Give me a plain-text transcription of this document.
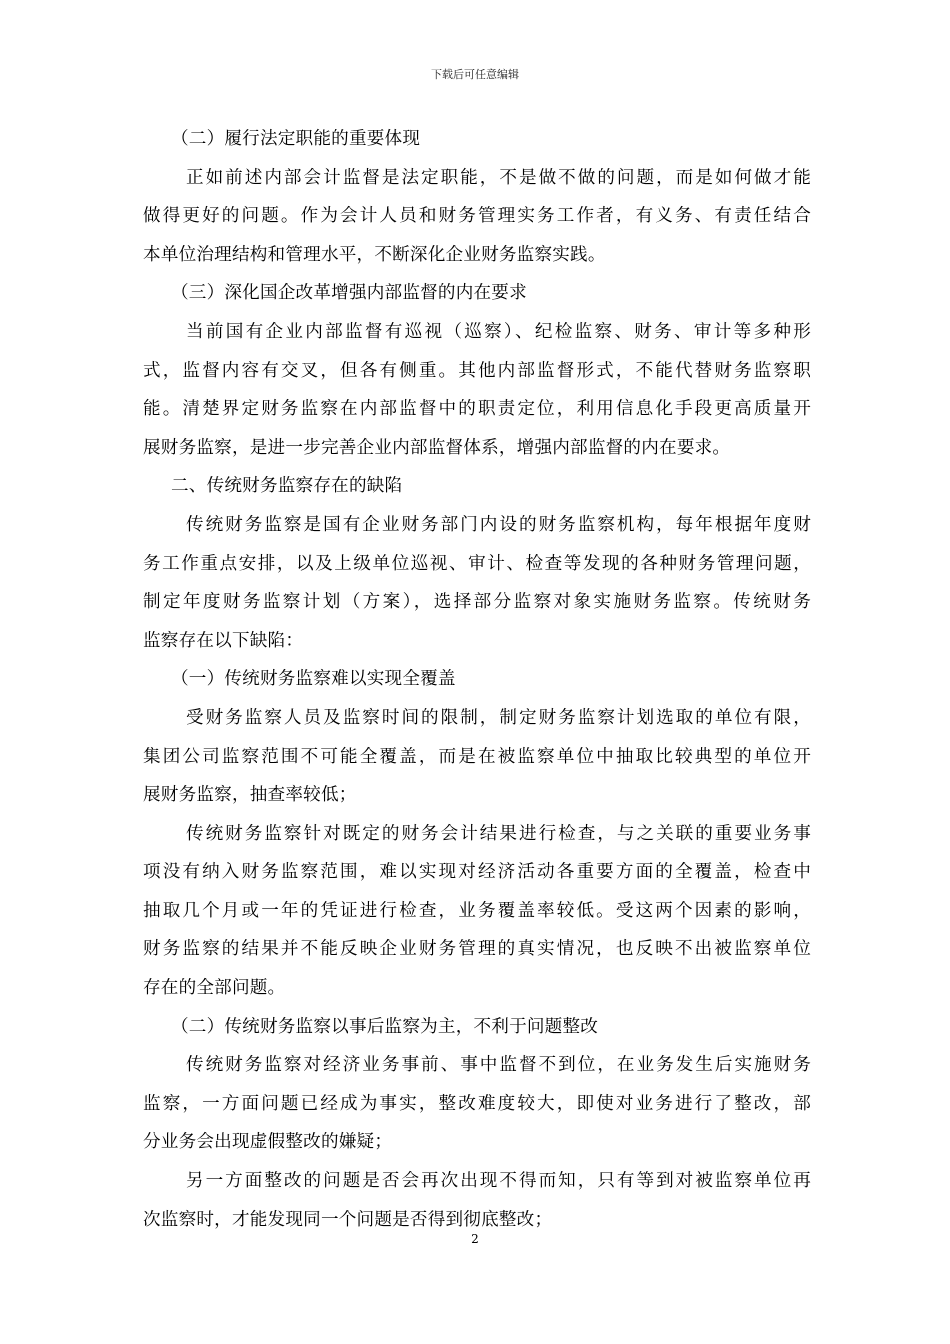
下载后可任意编辑
（二）履行法定职能的重要体现
正如前述内部会计监督是法定职能，不是做不做的问题，而是如何做才能
做得更好的问题。作为会计人员和财务管理实务工作者，有义务、有责任结合
本单位治理结构和管理水平，不断深化企业财务监察实践。
（三）深化国企改革增强内部监督的内在要求
当前国有企业内部监督有巡视（巡察）、纪检监察、财务、审计等多种形
式，监督内容有交叉，但各有侧重。其他内部监督形式，不能代替财务监察职
能。清楚界定财务监察在内部监督中的职责定位，利用信息化手段更高质量开
展财务监察，是进一步完善企业内部监督体系，增强内部监督的内在要求。
二、传统财务监察存在的缺陷
传统财务监察是国有企业财务部门内设的财务监察机构，每年根据年度财
务工作重点安排，以及上级单位巡视、审计、检查等发现的各种财务管理问题，
制定年度财务监察计划（方案），选择部分监察对象实施财务监察。传统财务
监察存在以下缺陷：
（一）传统财务监察难以实现全覆盖
受财务监察人员及监察时间的限制，制定财务监察计划选取的单位有限，
集团公司监察范围不可能全覆盖，而是在被监察单位中抽取比较典型的单位开
展财务监察，抽查率较低；
传统财务监察针对既定的财务会计结果进行检查，与之关联的重要业务事
项没有纳入财务监察范围，难以实现对经济活动各重要方面的全覆盖，检查中
抽取几个月或一年的凭证进行检查，业务覆盖率较低。受这两个因素的影响，
财务监察的结果并不能反映企业财务管理的真实情况，也反映不出被监察单位
存在的全部问题。
（二）传统财务监察以事后监察为主，不利于问题整改
传统财务监察对经济业务事前、事中监督不到位，在业务发生后实施财务
监察，一方面问题已经成为事实，整改难度较大，即使对业务进行了整改，部
分业务会出现虚假整改的嫌疑；
另一方面整改的问题是否会再次出现不得而知，只有等到对被监察单位再
次监察时，才能发现同一个问题是否得到彻底整改；
2
